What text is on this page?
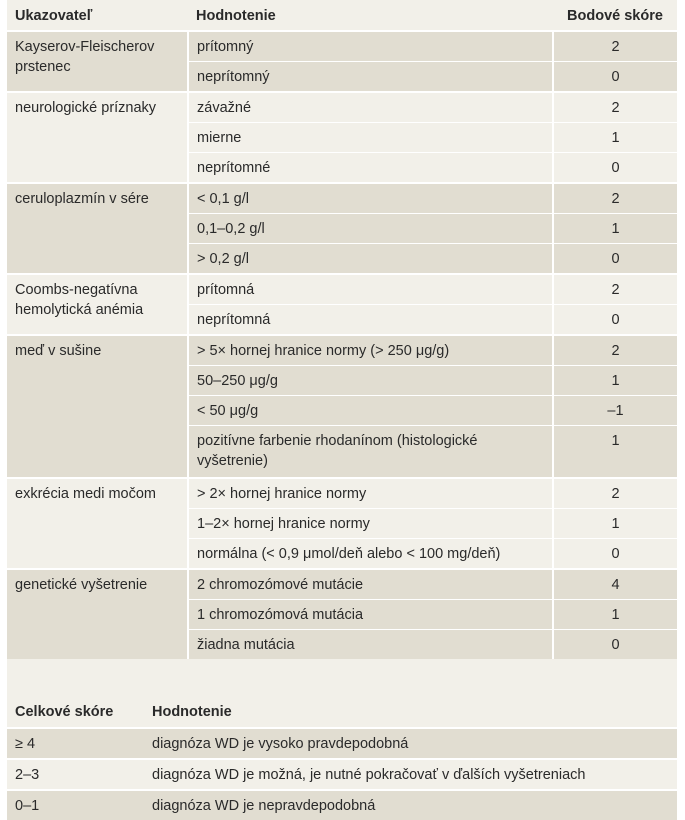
Ukazovateľ	Hodnotenie	Bodové skóre
Kayserov-Fleischerov prstenec	prítomný	2
	neprítomný	0
neurologické príznaky	závažné	2
	mierne	1
	neprítomné	0
ceruloplazmín v sére	< 0,1 g/l	2
	0,1–0,2 g/l	1
	> 0,2 g/l	0
Coombs-negatívna hemolytická anémia	prítomná	2
	neprítomná	0
meď v sušine	> 5× hornej hranice normy (> 250 μg/g)	2
	50–250 μg/g	1
	< 50 μg/g	–1
	pozitívne farbenie rhodanínom (histologické vyšetrenie)	1
exkrécia medi močom	> 2× hornej hranice normy	2
	1–2× hornej hranice normy	1
	normálna (< 0,9 μmol/deň alebo < 100 mg/deň)	0
genetické vyšetrenie	2 chromozómové mutácie	4
	1 chromozómová mutácia	1
	žiadna mutácia	0
Celkové skóre	Hodnotenie
≥ 4	diagnóza WD je vysoko pravdepodobná
2–3	diagnóza WD je možná, je nutné pokračovať v ďalších vyšetreniach
0–1	diagnóza WD je nepravdepodobná
